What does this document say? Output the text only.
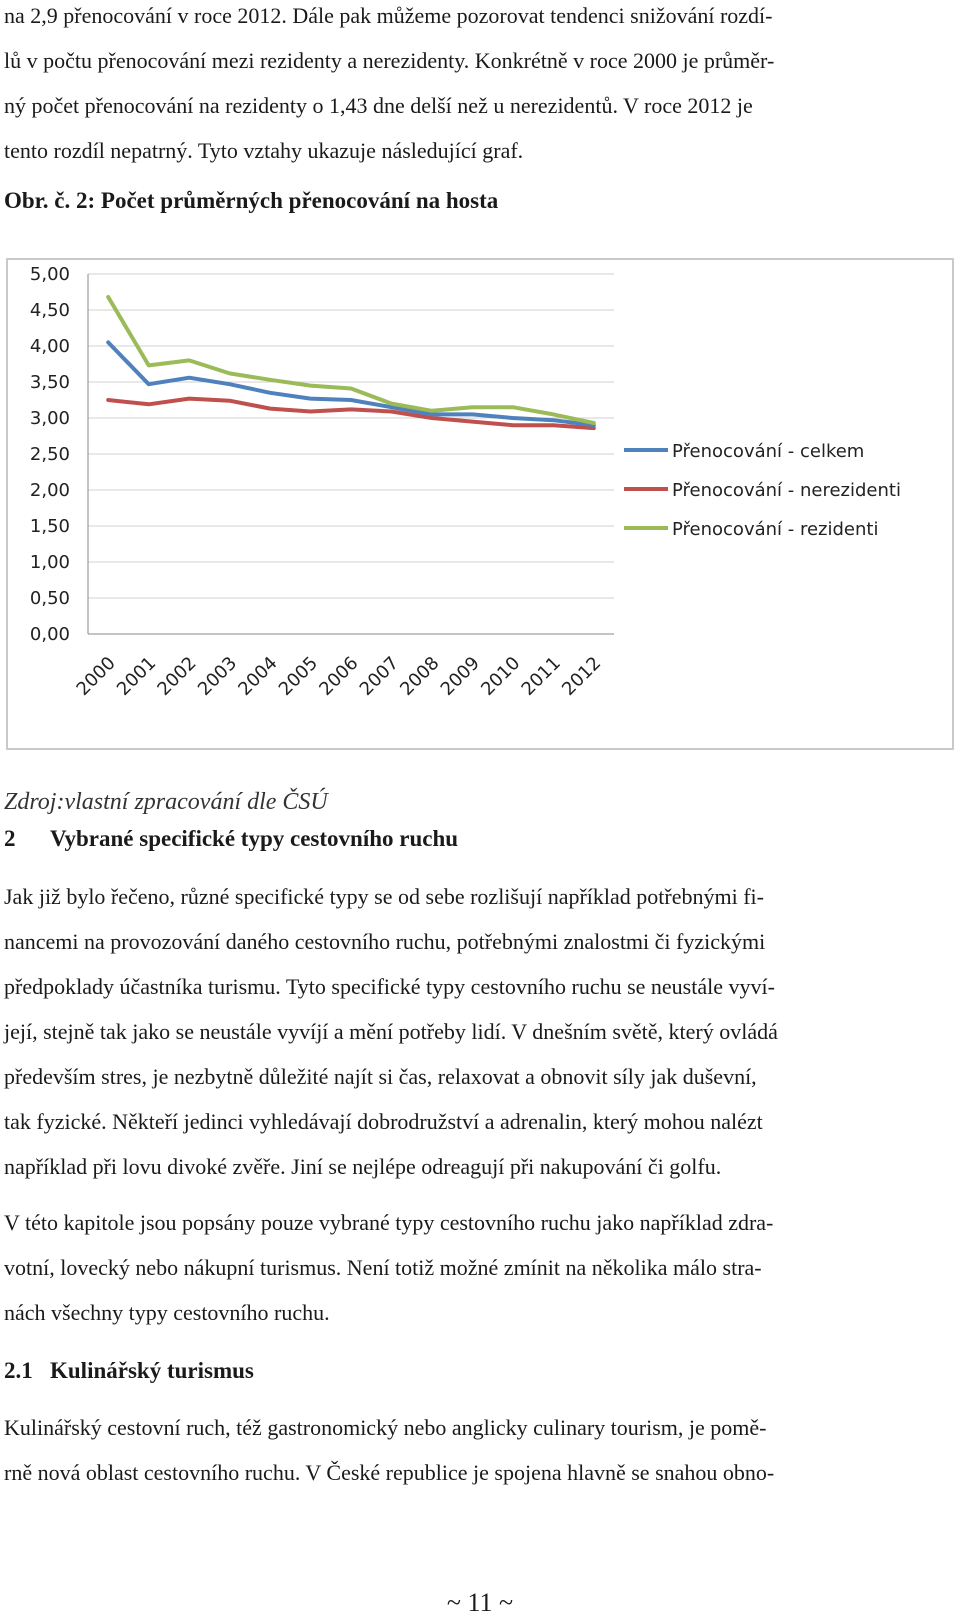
na 2,9 přenocování v roce 2012. Dále pak můžeme pozorovat tendenci snižování rozdí-
lů v počtu přenocování mezi rezidenty a nerezidenty. Konkrétně v roce 2000 je průměr-
ný počet přenocování na rezidenty o 1,43 dne delší než u nerezidentů. V roce 2012 je
tento rozdíl nepatrný. Tyto vztahy ukazuje následující graf.
Obr. č. 2: Počet průměrných přenocování na hosta
0,00
0,50
1,00
1,50
2,00
2,50
3,00
3,50
4,00
4,50
5,00
2000
2001
2002
2003
2004
2005
2006
2007
2008
2009
2010
2011
2012
Přenocování - celkem
Přenocování - nerezidenti
Přenocování - rezidenti
Zdroj:vlastní zpracování dle ČSÚ
2 Vybrané specifické typy cestovního ruchu
Jak již bylo řečeno, různé specifické typy se od sebe rozlišují například potřebnými fi-
nancemi na provozování daného cestovního ruchu, potřebnými znalostmi či fyzickými
předpoklady účastníka turismu. Tyto specifické typy cestovního ruchu se neustále vyví-
její, stejně tak jako se neustále vyvíjí a mění potřeby lidí. V dnešním světě, který ovládá
především stres, je nezbytně důležité najít si čas, relaxovat a obnovit síly jak duševní,
tak fyzické. Někteří jedinci vyhledávají dobrodružství a adrenalin, který mohou nalézt
například při lovu divoké zvěře. Jiní se nejlépe odreagují při nakupování či golfu.
V této kapitole jsou popsány pouze vybrané typy cestovního ruchu jako například zdra-
votní, lovecký nebo nákupní turismus. Není totiž možné zmínit na několika málo stra-
nách všechny typy cestovního ruchu.
2.1 Kulinářský turismus
Kulinářský cestovní ruch, též gastronomický nebo anglicky culinary tourism, je pomě-
rně nová oblast cestovního ruchu. V České republice je spojena hlavně se snahou obno-
~ 11 ~
